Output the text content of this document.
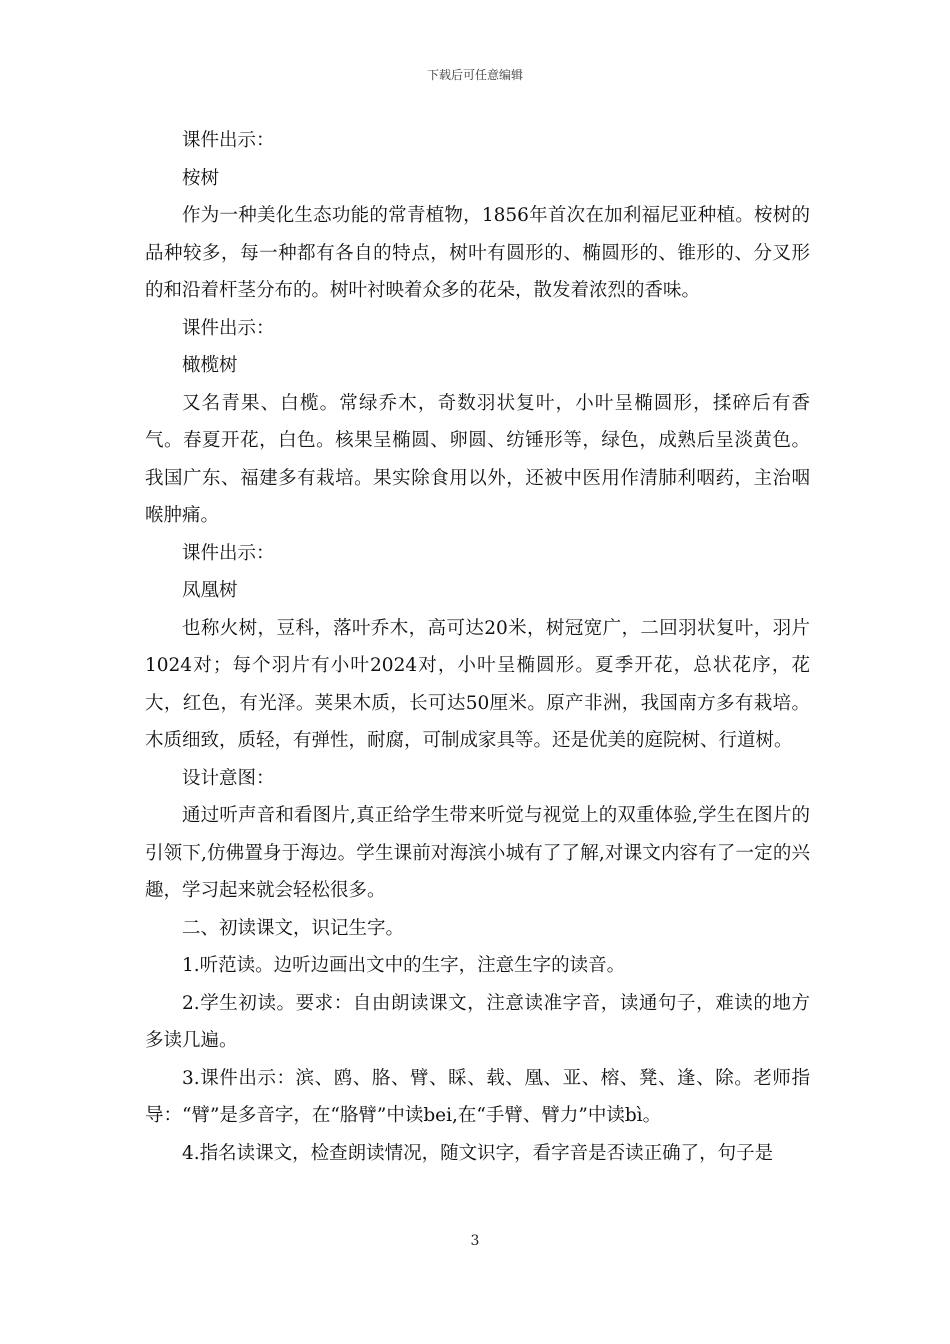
下载后可任意编辑

课件出示：

桉树

作为一种美化生态功能的常青植物，1856年首次在加利福尼亚种植。桉树的品种较多，每一种都有各自的特点，树叶有圆形的、椭圆形的、锥形的、分叉形的和沿着杆茎分布的。树叶衬映着众多的花朵，散发着浓烈的香味。

课件出示：

橄榄树

又名青果、白榄。常绿乔木，奇数羽状复叶，小叶呈椭圆形，揉碎后有香气。春夏开花，白色。核果呈椭圆、卵圆、纺锤形等，绿色，成熟后呈淡黄色。我国广东、福建多有栽培。果实除食用以外，还被中医用作清肺利咽药，主治咽喉肿痛。

课件出示：

凤凰树

也称火树，豆科，落叶乔木，高可达20米，树冠宽广，二回羽状复叶，羽片1024对；每个羽片有小叶2024对，小叶呈椭圆形。夏季开花，总状花序，花大，红色，有光泽。荚果木质，长可达50厘米。原产非洲，我国南方多有栽培。木质细致，质轻，有弹性，耐腐，可制成家具等。还是优美的庭院树、行道树。

设计意图：

通过听声音和看图片,真正给学生带来听觉与视觉上的双重体验,学生在图片的引领下,仿佛置身于海边。学生课前对海滨小城有了了解,对课文内容有了一定的兴趣，学习起来就会轻松很多。

二、初读课文，识记生字。

1.听范读。边听边画出文中的生字，注意生字的读音。

2.学生初读。要求：自由朗读课文，注意读准字音，读通句子，难读的地方多读几遍。

3.课件出示：滨、鸥、胳、臂、睬、载、凰、亚、榕、凳、逢、除。老师指导：“臂”是多音字，在“胳臂”中读bei,在“手臂、臂力”中读bì。

4.指名读课文，检查朗读情况，随文识字，看字音是否读正确了，句子是

3
